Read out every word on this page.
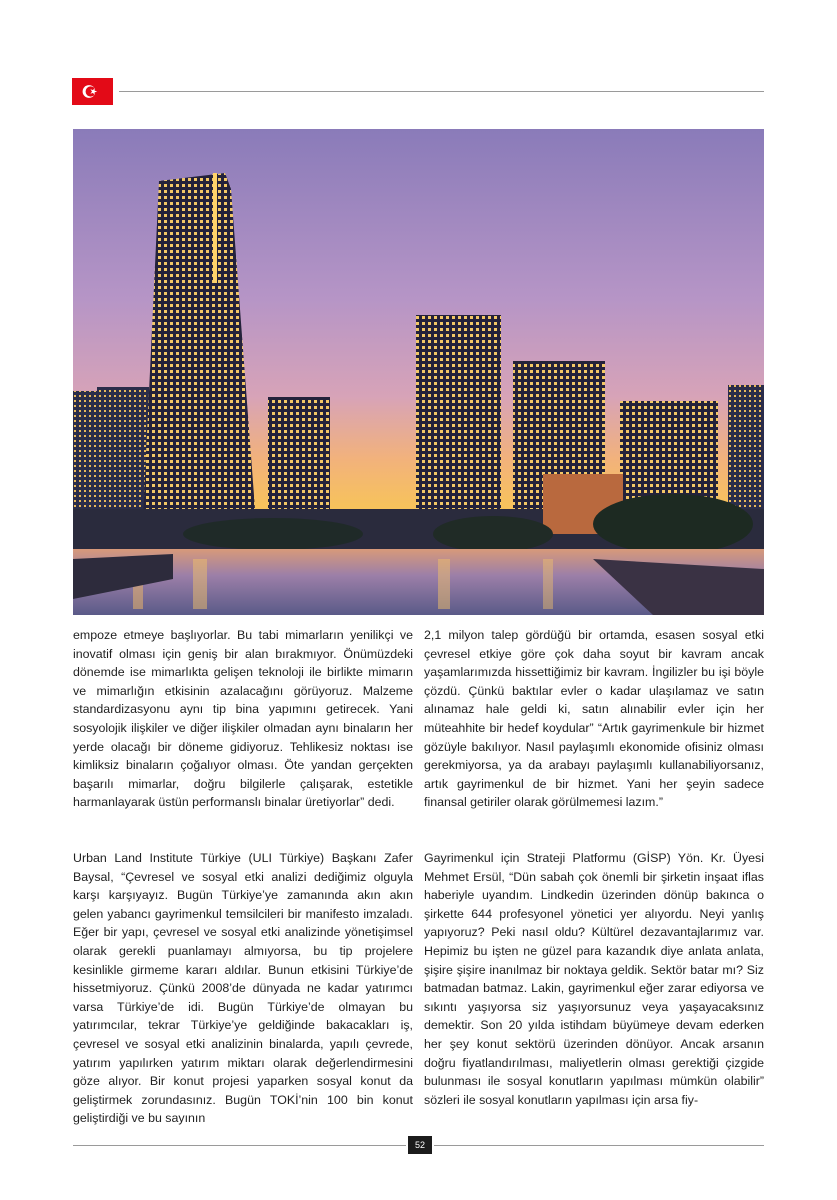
empoze etmeye başlıyorlar. Bu tabi mimarların yenilikçi ve inovatif olması için geniş bir alan bırakmıyor. Önümüzdeki dönemde ise mimarlıkta gelişen teknoloji ile birlikte mimarın ve mimarlığın etkisinin azalacağını görüyoruz. Malzeme standardizasyonu aynı tip bina yapımını getirecek. Yani sosyolojik ilişkiler ve diğer ilişkiler olmadan aynı binaların her yerde olacağı bir döneme gidiyoruz. Tehlikesiz noktası ise kimliksiz binaların çoğalıyor olması. Öte yandan gerçekten başarılı mimarlar, doğru bilgilerle çalışarak, estetikle harmanlayarak üstün performanslı binalar üretiyorlar” dedi.

Urban Land Institute Türkiye (ULI Türkiye) Başkanı Zafer Baysal, “Çevresel ve sosyal etki analizi dediğimiz olguyla karşı karşıyayız. Bugün Türkiye’ye zamanında akın akın gelen yabancı gayrimenkul temsilcileri bir manifesto imzaladı. Eğer bir yapı, çevresel ve sosyal etki analizinde yönetişimsel olarak gerekli puanlamayı almıyorsa, bu tip projelere kesinlikle girmeme kararı aldılar. Bunun etkisini Türkiye’de hissetmiyoruz. Çünkü 2008’de dünyada ne kadar yatırımcı varsa Türkiye’de idi. Bugün Türkiye’de olmayan bu yatırımcılar, tekrar Türkiye’ye geldiğinde bakacakları iş, çevresel ve sosyal etki analizinin binalarda, yapılı çevrede, yatırım yapılırken yatırım miktarı olarak değerlendirmesini göze alıyor. Bir konut projesi yaparken sosyal konut da geliştirmek zorundasınız. Bugün TOKİ’nin 100 bin konut geliştirdiği ve bu sayının

2,1 milyon talep gördüğü bir ortamda, esasen sosyal etki çevresel etkiye göre çok daha soyut bir kavram ancak yaşamlarımızda hissettiğimiz bir kavram. İngilizler bu işi böyle çözdü. Çünkü baktılar evler o kadar ulaşılamaz ve satın alınamaz hale geldi ki, satın alınabilir evler için her müteahhite bir hedef koydular” “Artık gayrimenkule bir hizmet gözüyle bakılıyor. Nasıl paylaşımlı ekonomide ofisiniz olması gerekmiyorsa, ya da arabayı paylaşımlı kullanabiliyorsanız, artık gayrimenkul de bir hizmet. Yani her şeyin sadece finansal getiriler olarak görülmemesi lazım.”

Gayrimenkul için Strateji Platformu (GİSP) Yön. Kr. Üyesi Mehmet Ersül, “Dün sabah çok önemli bir şirketin inşaat iflas haberiyle uyandım. Lindkedin üzerinden dönüp bakınca o şirkette 644 profesyonel yönetici yer alıyordu. Neyi yanlış yapıyoruz? Peki nasıl oldu? Kültürel dezavantajlarımız var. Hepimiz bu işten ne güzel para kazandık diye anlata anlata, şişire şişire inanılmaz bir noktaya geldik. Sektör batar mı? Siz batmadan batmaz. Lakin, gayrimenkul eğer zarar ediyorsa ve sıkıntı yaşıyorsa siz yaşıyorsunuz veya yaşayacaksınız demektir. Son 20 yılda istihdam büyümeye devam ederken her şey konut sektörü üzerinden dönüyor. Ancak arsanın doğru fiyatlandırılması, maliyetlerin olması gerektiği çizgide bulunması ile sosyal konutların yapılması mümkün olabilir” sözleri ile sosyal konutların yapılması için arsa fiy-

52
